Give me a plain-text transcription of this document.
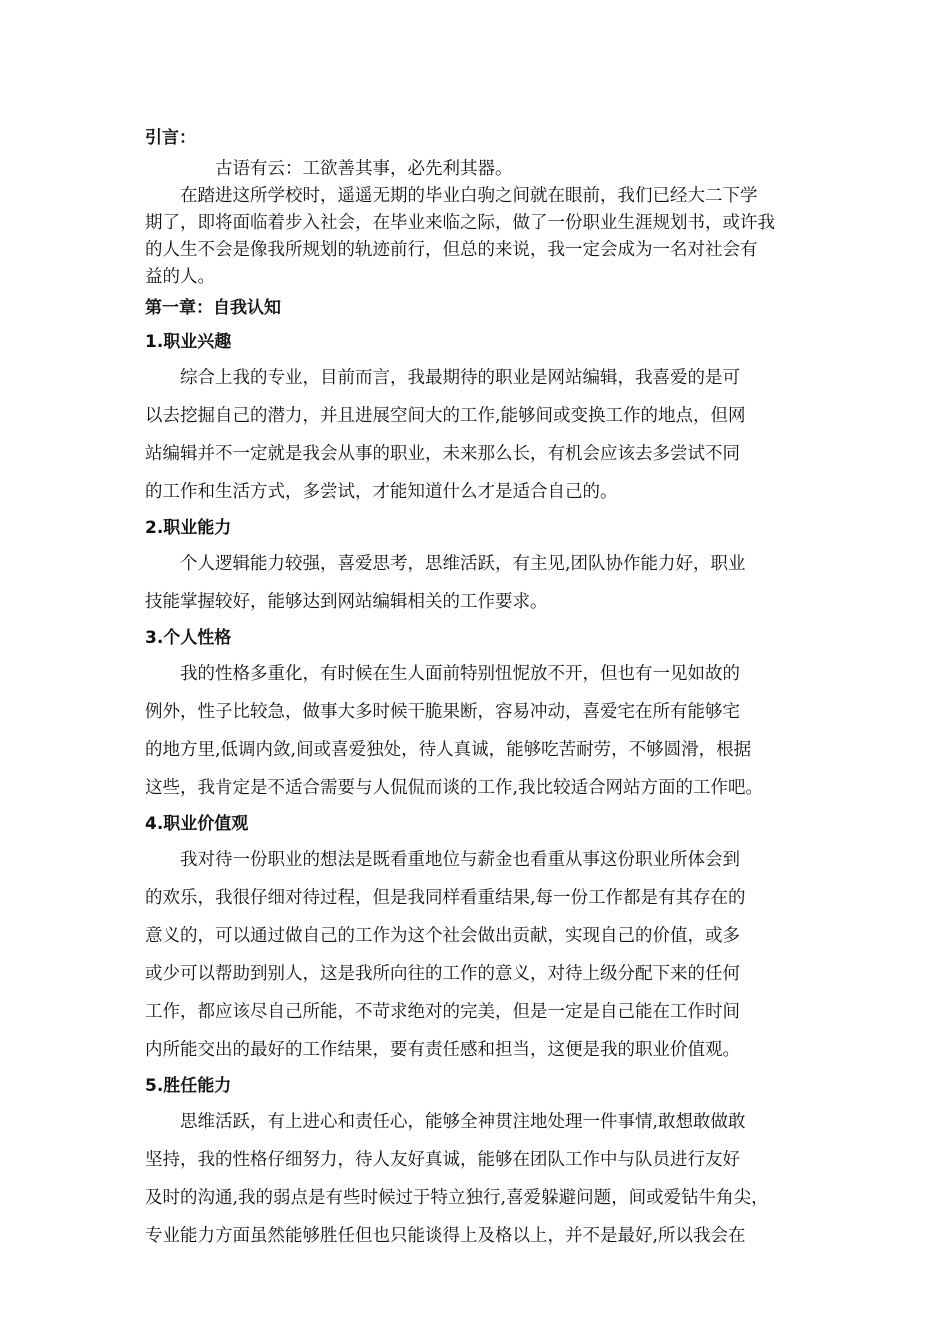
引言：

古语有云：工欲善其事，必先利其器。
在踏进这所学校时，遥遥无期的毕业白驹之间就在眼前，我们已经大二下学
期了，即将面临着步入社会，在毕业来临之际，做了一份职业生涯规划书，或许我
的人生不会是像我所规划的轨迹前行，但总的来说，我一定会成为一名对社会有
益的人。

第一章：自我认知

1.职业兴趣

综合上我的专业，目前而言，我最期待的职业是网站编辑，我喜爱的是可
以去挖掘自己的潜力，并且进展空间大的工作,能够间或变换工作的地点，但网
站编辑并不一定就是我会从事的职业，未来那么长，有机会应该去多尝试不同
的工作和生活方式，多尝试，才能知道什么才是适合自己的。

2.职业能力

个人逻辑能力较强，喜爱思考，思维活跃，有主见,团队协作能力好，职业
技能掌握较好，能够达到网站编辑相关的工作要求。

3.个人性格

我的性格多重化，有时候在生人面前特别忸怩放不开，但也有一见如故的
例外，性子比较急，做事大多时候干脆果断，容易冲动，喜爱宅在所有能够宅
的地方里,低调内敛,间或喜爱独处，待人真诚，能够吃苦耐劳，不够圆滑，根据
这些，我肯定是不适合需要与人侃侃而谈的工作,我比较适合网站方面的工作吧。

4.职业价值观

我对待一份职业的想法是既看重地位与薪金也看重从事这份职业所体会到
的欢乐，我很仔细对待过程，但是我同样看重结果,每一份工作都是有其存在的
意义的，可以通过做自己的工作为这个社会做出贡献，实现自己的价值，或多
或少可以帮助到别人，这是我所向往的工作的意义，对待上级分配下来的任何
工作，都应该尽自己所能，不苛求绝对的完美，但是一定是自己能在工作时间
内所能交出的最好的工作结果，要有责任感和担当，这便是我的职业价值观。

5.胜任能力

思维活跃，有上进心和责任心，能够全神贯注地处理一件事情,敢想敢做敢
坚持，我的性格仔细努力，待人友好真诚，能够在团队工作中与队员进行友好
及时的沟通,我的弱点是有些时候过于特立独行,喜爱躲避问题，间或爱钻牛角尖，
专业能力方面虽然能够胜任但也只能谈得上及格以上，并不是最好,所以我会在
